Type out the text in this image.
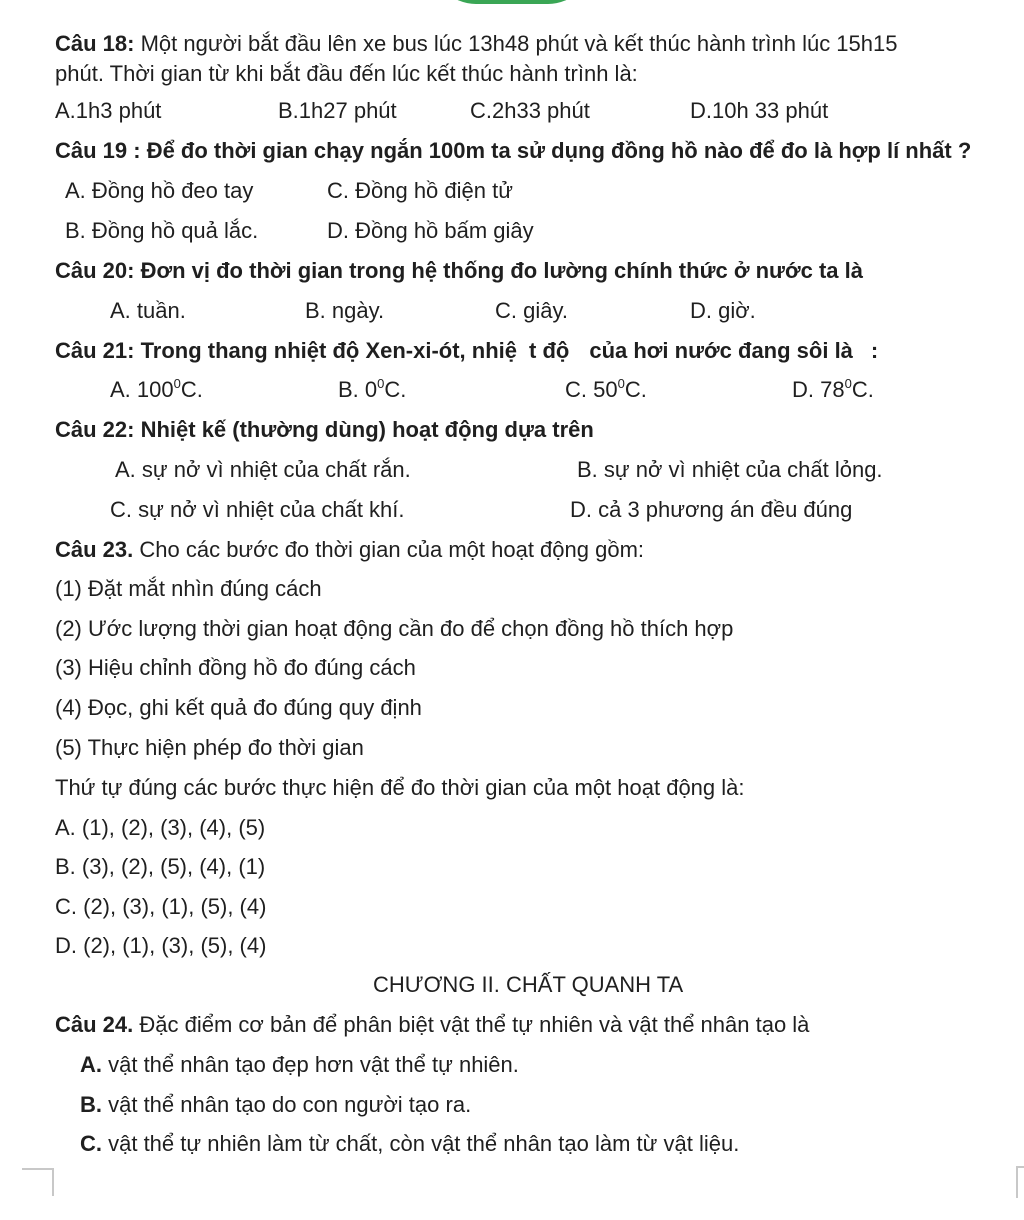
Câu 18: Một người bắt đầu lên xe bus lúc 13h48 phút và kết thúc hành trình lúc 15h15
phút. Thời gian từ khi bắt đầu đến lúc kết thúc hành trình là:
A.1h3 phút	B.1h27 phút	C.2h33 phút	D.10h 33 phút
Câu 19 : Để đo thời gian chạy ngắn 100m ta sử dụng đồng hồ nào để đo là hợp lí nhất ?
A. Đồng hồ đeo tay	C. Đồng hồ điện tử
B. Đồng hồ quả lắc.	D. Đồng hồ bấm giây
Câu 20: Đơn vị đo thời gian trong hệ thống đo lường chính thức ở nước ta là
A. tuần.	B. ngày.	C. giây.	D. giờ.
Câu 21: Trong thang nhiệt độ Xen-xi-ót, nhiệ t độ của hơi nước đang sôi là :
A. $100^0C$.	B. $0^0C$.	C. $50^0C$.	D. $78^0C$.
Câu 22: Nhiệt kế (thường dùng) hoạt động dựa trên
A. sự nở vì nhiệt của chất rắn.	B. sự nở vì nhiệt của chất lỏng.
C. sự nở vì nhiệt của chất khí.	D. cả 3 phương án đều đúng
Câu 23. Cho các bước đo thời gian của một hoạt động gồm:
(1) Đặt mắt nhìn đúng cách
(2) Ước lượng thời gian hoạt động cần đo để chọn đồng hồ thích hợp
(3) Hiệu chỉnh đồng hồ đo đúng cách
(4) Đọc, ghi kết quả đo đúng quy định
(5) Thực hiện phép đo thời gian
Thứ tự đúng các bước thực hiện để đo thời gian của một hoạt động là:
A. (1), (2), (3), (4), (5)
B. (3), (2), (5), (4), (1)
C. (2), (3), (1), (5), (4)
D. (2), (1), (3), (5), (4)
CHƯƠNG II. CHẤT QUANH TA
Câu 24. Đặc điểm cơ bản để phân biệt vật thể tự nhiên và vật thể nhân tạo là
A. vật thể nhân tạo đẹp hơn vật thể tự nhiên.
B. vật thể nhân tạo do con người tạo ra.
C. vật thể tự nhiên làm từ chất, còn vật thể nhân tạo làm từ vật liệu.
